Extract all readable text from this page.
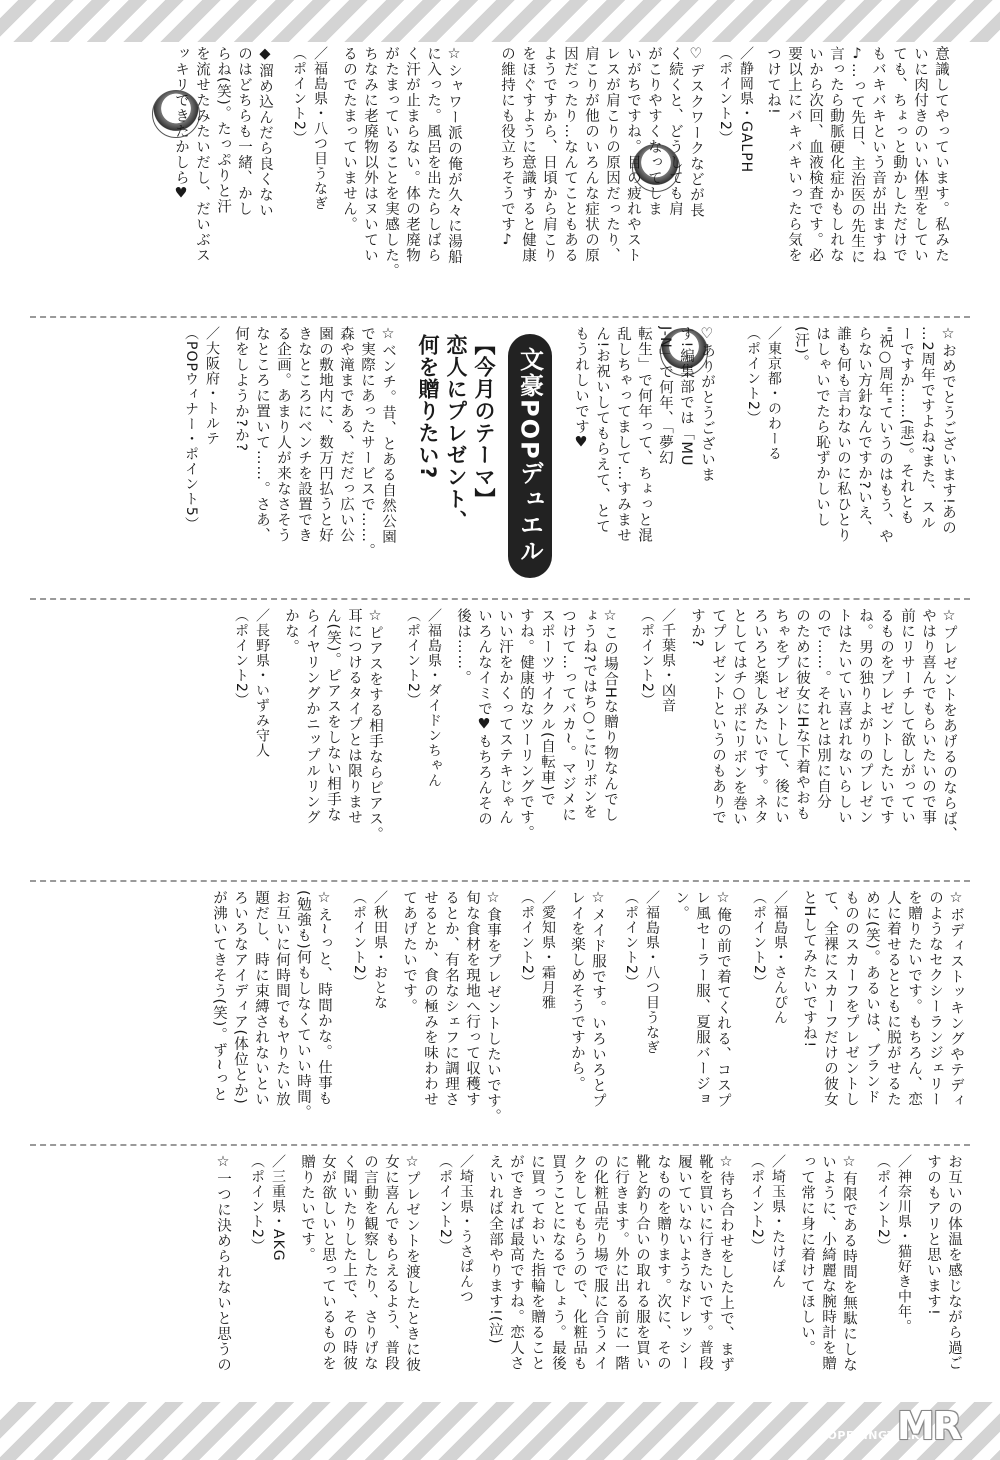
意識してやっています。私みた
いに肉付きのいい体型をしてい
ても、ちょっと動かしただけで
もバキバキという音が出ますね
♪…って先日、主治医の先生に
言ったら動脈硬化症かもしれな
いから次回、血液検査です。必
要以上にバキバキいったら気を
つけてね!
／静岡県・GALPH
（ポイント2）
♡デスクワークなどが長
く続くと、どうしても肩
がこりやすくなってしま
いがちですね。目の疲れやスト
レスが肩こりの原因だったり、
肩こりが他のいろんな症状の原
因だったり…なんてこともある
ようですから、日頃から肩こり
をほぐすように意識すると健康
の維持にも役立ちそうです♪
☆シャワー派の俺が久々に湯船
に入った。風呂を出たらしばら
く汗が止まらない。体の老廃物
がたまっていることを実感した。
ちなみに老廃物以外はヌいてい
るのでたまっていません。
／福島県・八つ目うなぎ
（ポイント2）
◆溜め込んだら良くない
のはどちらも一緒、かし
らね(笑)。たっぷりと汗
を流せたみたいだし、だいぶス
ッキリできたかしら♥
☆おめでとうございます!あの
…2周年ですよね?また、スル
ーですか……(悲)。それとも
"祝○周年"ていうのはもう、や
らない方針なんですか?いえ、
誰も何も言わないのに私ひとり
はしゃいでたら恥ずかしいし
(汗)。
／東京都・のわーる
（ポイント2）
♡ありがとうございま
す!編集部では「MU
J-N」で何年、「夢幻
転生」で何年って、ちょっと混
乱しちゃってまして…すみませ
ん!お祝いしてもらえて、とて
もうれしいです♥
文豪POPデュエル
【今月のテーマ】
恋人にプレゼント、
何を贈りたい?
☆ベンチ。昔、とある自然公園
で実際にあったサービスで……。
森や滝まである、だだっ広い公
園の敷地内に、数万円払うと好
きなところにベンチを設置でき
る企画。あまり人が来なさそう
なところに置いて……。さあ、
何をしようか?か?
／大阪府・トルテ
（POPウィナー・ポイント5）
☆プレゼントをあげるのならば、
やはり喜んでもらいたいので事
前にリサーチして欲しがってい
るものをプレゼントしたいです
ね。男の独りよがりのプレゼン
トはたいてい喜ばれないらしい
ので……。それとは別に自分
のために彼女にHな下着やおも
ちゃをプレゼントして、後にい
ろいろと楽しみたいです。ネタ
としてはチ○ポにリボンを巻い
てプレゼントというのもありで
すか?
／千葉県・凶音
（ポイント2）
☆この場合Hな贈り物なんでし
ょうね?ではち○こにリボンを
つけて…ってバカ~。マジメに
スポーツサイクル(自転車)で
すね。健康的なツーリングです。
いい汗をかくってステキじゃん
いろんなイミで♥もちろんその
後は……。
／福島県・ダイドンちゃん
（ポイント2）
☆ピアスをする相手ならピアス。
耳につけるタイプとは限りませ
ん(笑)。ピアスをしない相手な
らイヤリングかニップルリング
かな。
／長野県・いずみ守人
（ポイント2）
☆ボディストッキングやテディ
のようなセクシーランジェリー
を贈りたいです。もちろん、恋
人に着せるとともに脱がせるた
めに(笑)。あるいは、ブランド
もののスカーフをプレゼントし
て、全裸にスカーフだけの彼女
とHしてみたいですね!
／福島県・さんぴん
（ポイント2）
☆俺の前で着てくれる、コスプ
レ風セーラー服、夏服バージョ
ン。
／福島県・八つ目うなぎ
（ポイント2）
☆メイド服です。いろいろとプ
レイを楽しめそうですから。
／愛知県・霜月雅
（ポイント2）
☆食事をプレゼントしたいです。
旬な食材を現地へ行って収穫す
るとか、有名なシェフに調理さ
せるとか、食の極みを味わわせ
てあげたいです。
／秋田県・おとな
（ポイント2）
☆え~っと、時間かな。仕事も
(勉強も)何もしなくていい時間。
お互いに何時間でもヤりたい放
題だし、時に束縛されないとい
ろいろなアイディア(体位とか)
が沸いてきそう(笑)。ず~っと
お互いの体温を感じながら過ご
すのもアリと思います!
／神奈川県・猫好き中年。
（ポイント2）
☆有限である時間を無駄にしな
いように、小綺麗な腕時計を贈
って常に身に着けてほしい。
／埼玉県・たけぽん
（ポイント2）
☆待ち合わせをした上で、まず
靴を買いに行きたいです。普段
履いていないようなドレッシー
なものを贈ります。次に、その
靴と釣り合いの取れる服を買い
に行きます。外に出る前に一階
の化粧品売り場で服に合うメイ
クをしてもらうので、化粧品も
買うことになるでしょう。最後
に買っておいた指輪を贈ること
ができれば最高ですね。恋人さ
えいれば全部やります!(泣)
／埼玉県・うさぱんつ
（ポイント2）
☆プレゼントを渡したときに彼
女に喜んでもらえるよう、普段
の言動を観察したり、さりげな
く聞いたりした上で、その時彼
女が欲しいと思っているものを
贈りたいです。
／三重県・AKG
（ポイント2）
☆一つに決められないと思うの
OPENINGTALK
MR
